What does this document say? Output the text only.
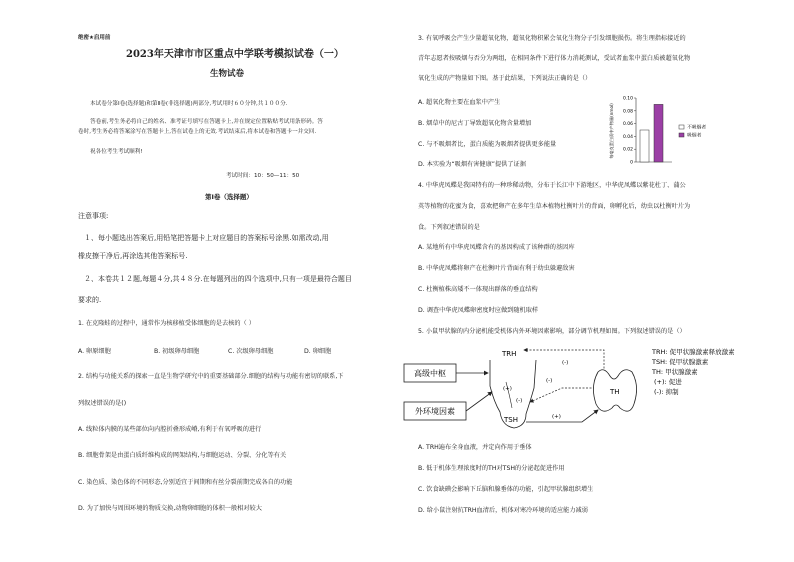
绝密★启用前
2023年天津市市区重点中学联考模拟试卷（一）
生物试卷
本试卷分第Ⅰ卷(选择题)和第Ⅱ卷(非选择题)两部分,考试用时６０分钟,共１００分.
答卷前,考生务必将自己的姓名、准考证号填写在答题卡上,并在规定位置粘贴考试用条形码。答
卷时,考生务必将答案涂写在答题卡上,答在试卷上的无效.考试结束后,将本试卷和答题卡一并交回.
祝各位考生考试顺利!
考试时间：10：50—11：50
第Ⅰ卷（选择题）
注意事项:
１、每小题选出答案后,用铅笔把答题卡上对应题目的答案标号涂黑.如需改动,用
橡皮擦干净后,再涂选其他答案标号.
２、本卷共１２题,每题４分,共４８分.在每题列出的四个选项中,只有一项是最符合题目
要求的.
1. 在克隆蛙的过程中，通常作为核移植受体细胞的是去核的（ ）
A. 卵原细胞	B. 初级卵母细胞	C. 次级卵母细胞	D. 卵细胞
2. 结构与功能关系的探索一直是生物学研究中的重要基础部分.细胞的结构与功能有密切的联系,下
列叙述错误的是()
A. 线粒体内膜的某些部位向内腔折叠形成嵴,有利于有氧呼吸的进行
B. 细胞骨架是由蛋白质纤维构成的网架结构,与细胞运动、分裂、分化等有关
C. 染色质、染色体的不同形态,分别适宜于间期和有丝分裂前期完成各自的功能
D. 为了加快与周围环境的物质交换,动物卵细胞的体积一般相对较大
3. 有氧呼吸会产生少量超氧化物，超氧化物积累会氧化生物分子引发细胞损伤。将生理指标接近的
青年志愿者按吸烟与否分为两组，在相同条件下进行体力消耗测试，受试者血浆中蛋白质被超氧化物
氧化生成的产物量如下图。基于此结果，下列说法正确的是（）
A. 超氧化物主要在血浆中产生
B. 烟草中的尼古丁导致超氧化物含量增加
C. 与不吸烟者比，蛋白质能为吸烟者提供更多能量
D. 本实验为“吸烟有害健康”提供了证据
每毫克蛋白质中产物量(nmol)
0
0.02
0.04
0.06
0.08
0.10
不吸烟者
吸烟者
4. 中华虎凤蝶是我国特有的一种珍稀动物，分布于长江中下游地区，中华虎凤蝶以紫花杜丁、蒲公
英等植物的花蜜为食，喜欢把卵产在多年生草本植物杜衡叶片的背面，卵孵化后，幼虫以杜衡叶片为
食。下列叙述错误的是
A. 某地所有中华虎凤蝶含有的基因构成了该种群的基因库
B. 中华虎凤蝶将卵产在杜衡叶片背面有利于幼虫躲避敌害
C. 杜衡植株高矮不一体现出群落的垂直结构
D. 调查中华虎凤蝶卵密度时应做到随机取样
5. 小鼠甲状腺的内分泌机能受机体内外环境因素影响，部分调节机理如图。下列叙述错误的是（）
高级中枢
外环境因素
TRH
(+)
(-)
TSH
(-)
(-)
(+)
TH
TRH: 促甲状腺激素释放激素
TSH: 促甲状腺激素
TH: 甲状腺激素
(+): 促进
(-): 抑制
A. TRH遍布全身血液，并定向作用于垂体
B. 低于机体生理浓度时的TH对TSH的分泌起促进作用
C. 饮食缺碘会影响下丘脑和腺垂体的功能，引起甲状腺组织增生
D. 给小鼠注射抗TRH血清后，机体对寒冷环境的适应能力减弱
